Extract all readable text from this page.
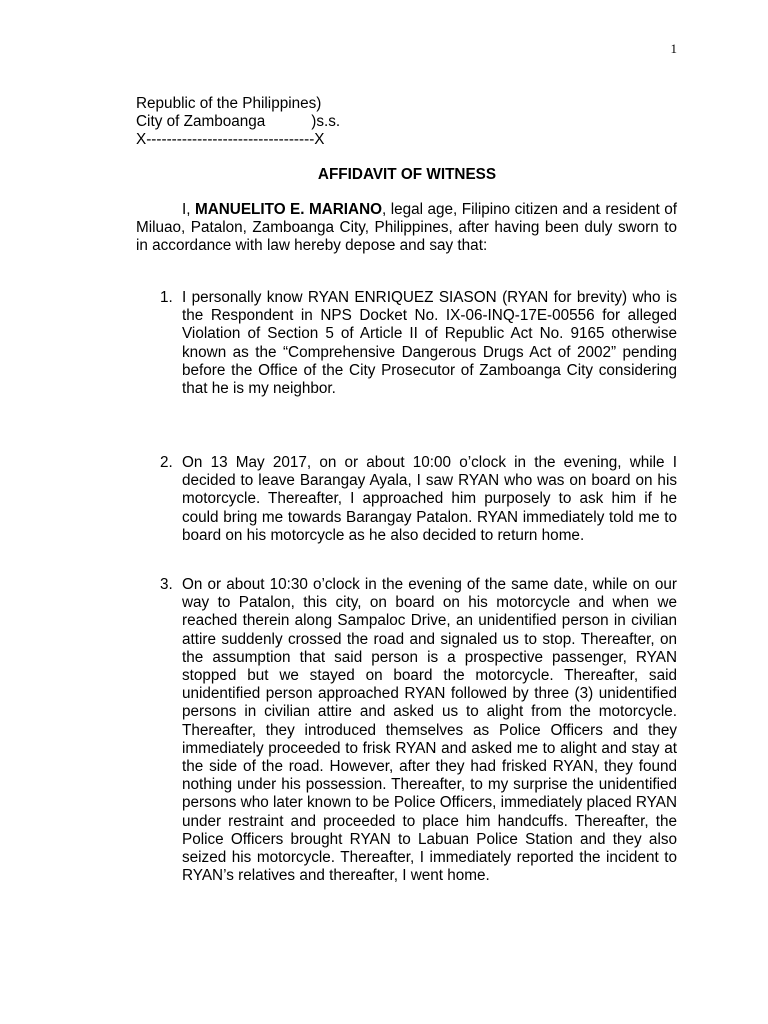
1
Republic of the Philippines)
City of Zamboanga	)s.s.
X---------------------------------X
AFFIDAVIT OF WITNESS

I, MANUELITO E. MARIANO, legal age, Filipino citizen and a resident of Miluao, Patalon, Zamboanga City, Philippines, after having been duly sworn to in accordance with law hereby depose and say that:

1. I personally know RYAN ENRIQUEZ SIASON (RYAN for brevity) who is the Respondent in NPS Docket No. IX-06-INQ-17E-00556 for alleged Violation of Section 5 of Article II of Republic Act No. 9165 otherwise known as the “Comprehensive Dangerous Drugs Act of 2002” pending before the Office of the City Prosecutor of Zamboanga City considering that he is my neighbor.
2. On 13 May 2017, on or about 10:00 o’clock in the evening, while I decided to leave Barangay Ayala, I saw RYAN who was on board on his motorcycle. Thereafter, I approached him purposely to ask him if he could bring me towards Barangay Patalon. RYAN immediately told me to board on his motorcycle as he also decided to return home.
3. On or about 10:30 o’clock in the evening of the same date, while on our way to Patalon, this city, on board on his motorcycle and when we reached therein along Sampaloc Drive, an unidentified person in civilian attire suddenly crossed the road and signaled us to stop. Thereafter, on the assumption that said person is a prospective passenger, RYAN stopped but we stayed on board the motorcycle. Thereafter, said unidentified person approached RYAN followed by three (3) unidentified persons in civilian attire and asked us to alight from the motorcycle. Thereafter, they introduced themselves as Police Officers and they immediately proceeded to frisk RYAN and asked me to alight and stay at the side of the road. However, after they had frisked RYAN, they found nothing under his possession. Thereafter, to my surprise the unidentified persons who later known to be Police Officers, immediately placed RYAN under restraint and proceeded to place him handcuffs. Thereafter, the Police Officers brought RYAN to Labuan Police Station and they also seized his motorcycle. Thereafter, I immediately reported the incident to RYAN’s relatives and thereafter, I went home.
